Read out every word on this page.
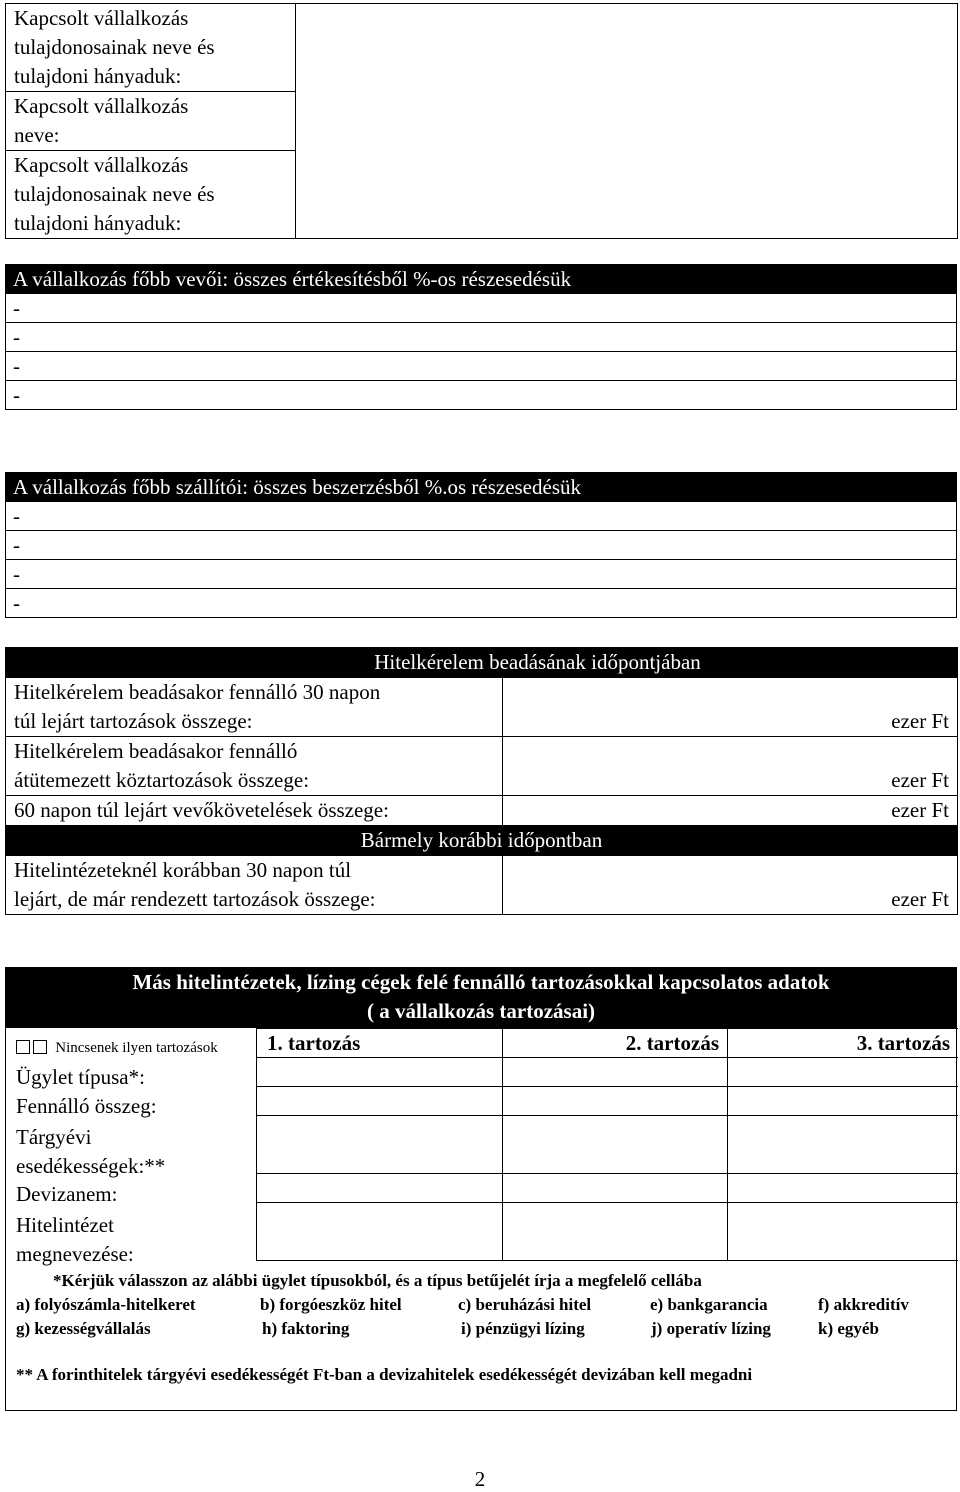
Kapcsolt vállalkozás
tulajdonosainak neve és
tulajdoni hányaduk:

Kapcsolt vállalkozás
neve:

Kapcsolt vállalkozás
tulajdonosainak neve és
tulajdoni hányaduk:
A vállalkozás főbb vevői: összes értékesítésből %-os részesedésük
-
-
-
-
A vállalkozás főbb szállítói: összes beszerzésből %.os részesedésük
-
-
-
-
Hitelkérelem beadásának időpontjában	

Hitelkérelem beadásakor fennálló 30 napon
túl lejárt tartozások összege:	ezer Ft

Hitelkérelem beadásakor fennálló
átütemezett köztartozások összege:	ezer Ft
60 napon túl lejárt vevőkövetelések összege:	ezer Ft
Bármely korábbi időpontban	

Hitelintézeteknél korábban 30 napon túl
lejárt, de már rendezett tartozások összege:	ezer Ft
Más hitelintézetek, lízing cégek felé fennálló tartozásokkal kapcsolatos adatok
( a vállalkozás tartozásai)
Nincsenek ilyen tartozások	1. tartozás	2. tartozás	3. tartozás
Ügylet típusa*:
Fennálló összeg:
Tárgyévi
esedékességek:**
Devizanem:
Hitelintézet
megnevezése:
*Kérjük válasszon az alábbi ügylet típusokból, és a típus betűjelét írja a megfelelő cellába
a) folyószámla-hitelkeret	b) forgóeszköz hitel	c) beruházási hitel	e) bankgarancia	f) akkreditív
g) kezességvállalás	h) faktoring	i) pénzügyi lízing	j) operatív lízing	k) egyéb
** A forinthitelek tárgyévi esedékességét Ft-ban a devizahitelek esedékességét devizában kell megadni
2
